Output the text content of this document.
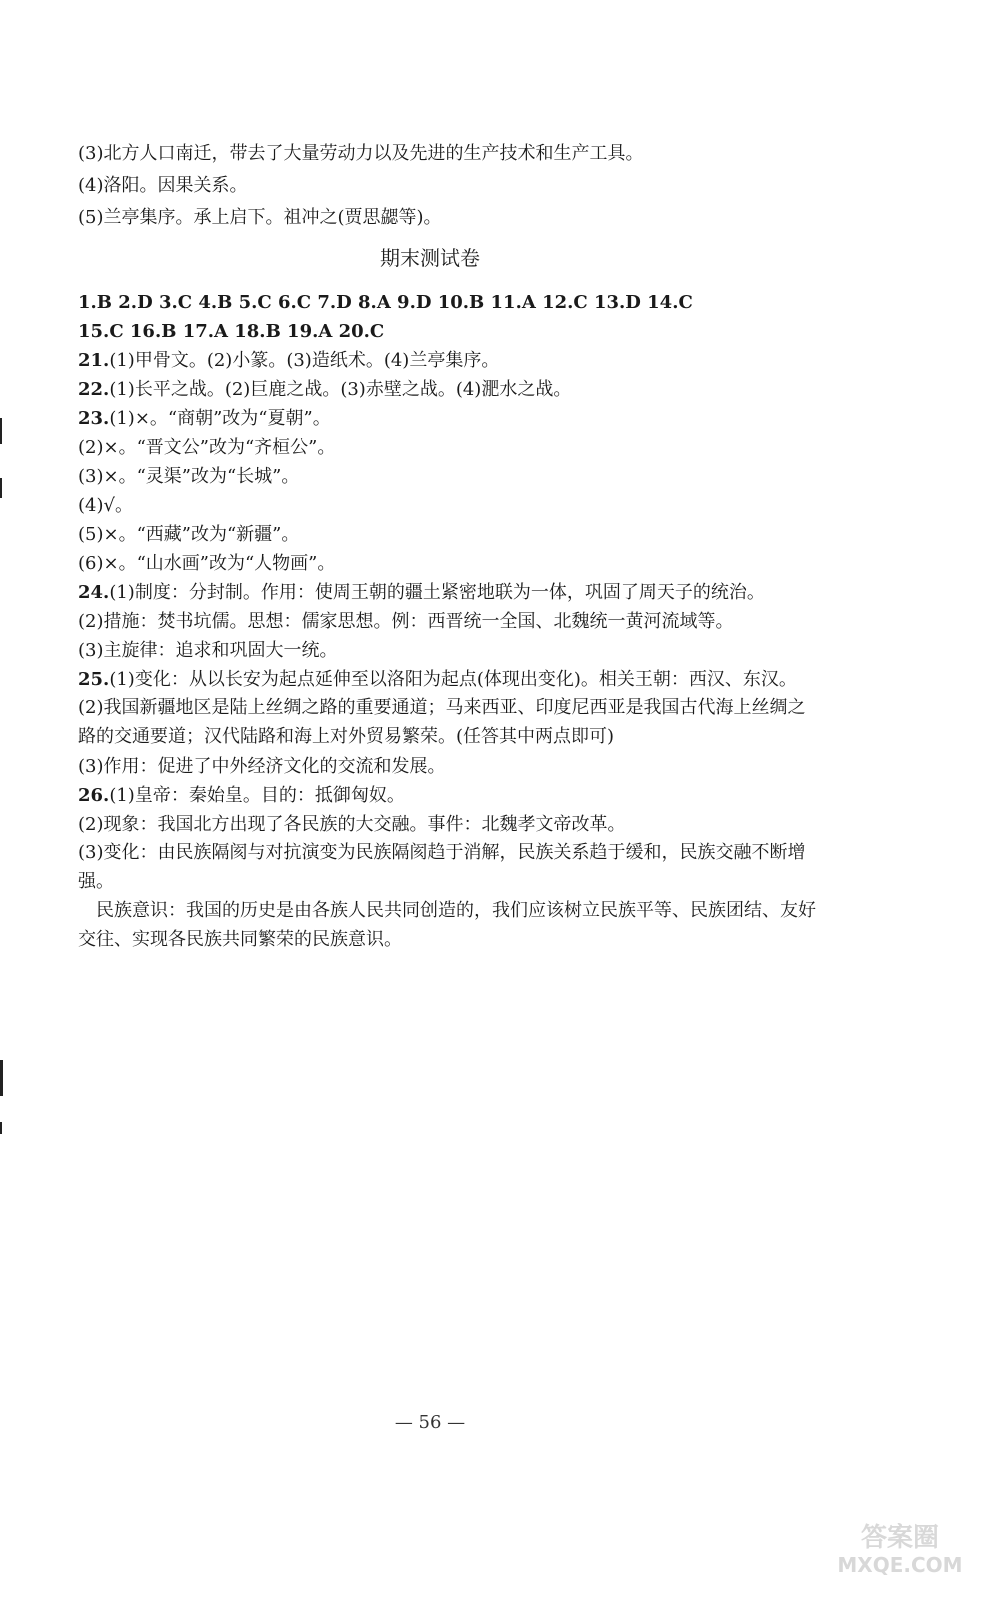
(3)北方人口南迁，带去了大量劳动力以及先进的生产技术和生产工具。
(4)洛阳。因果关系。
(5)兰亭集序。承上启下。祖冲之(贾思勰等)。
期末测试卷
1.B 2.D 3.C 4.B 5.C 6.C 7.D 8.A 9.D 10.B 11.A 12.C 13.D 14.C
15.C 16.B 17.A 18.B 19.A 20.C
21.(1)甲骨文。(2)小篆。(3)造纸术。(4)兰亭集序。
22.(1)长平之战。(2)巨鹿之战。(3)赤壁之战。(4)淝水之战。
23.(1)×。“商朝”改为“夏朝”。
(2)×。“晋文公”改为“齐桓公”。
(3)×。“灵渠”改为“长城”。
(4)√。
(5)×。“西藏”改为“新疆”。
(6)×。“山水画”改为“人物画”。
24.(1)制度：分封制。作用：使周王朝的疆土紧密地联为一体，巩固了周天子的统治。
(2)措施：焚书坑儒。思想：儒家思想。例：西晋统一全国、北魏统一黄河流域等。
(3)主旋律：追求和巩固大一统。
25.(1)变化：从以长安为起点延伸至以洛阳为起点(体现出变化)。相关王朝：西汉、东汉。
(2)我国新疆地区是陆上丝绸之路的重要通道；马来西亚、印度尼西亚是我国古代海上丝绸之路的交通要道；汉代陆路和海上对外贸易繁荣。(任答其中两点即可)
(3)作用：促进了中外经济文化的交流和发展。
26.(1)皇帝：秦始皇。目的：抵御匈奴。
(2)现象：我国北方出现了各民族的大交融。事件：北魏孝文帝改革。
(3)变化：由民族隔阂与对抗演变为民族隔阂趋于消解，民族关系趋于缓和，民族交融不断增强。
民族意识：我国的历史是由各族人民共同创造的，我们应该树立民族平等、民族团结、友好交往、实现各民族共同繁荣的民族意识。
— 56 —
答案圈
MXQE.COM
